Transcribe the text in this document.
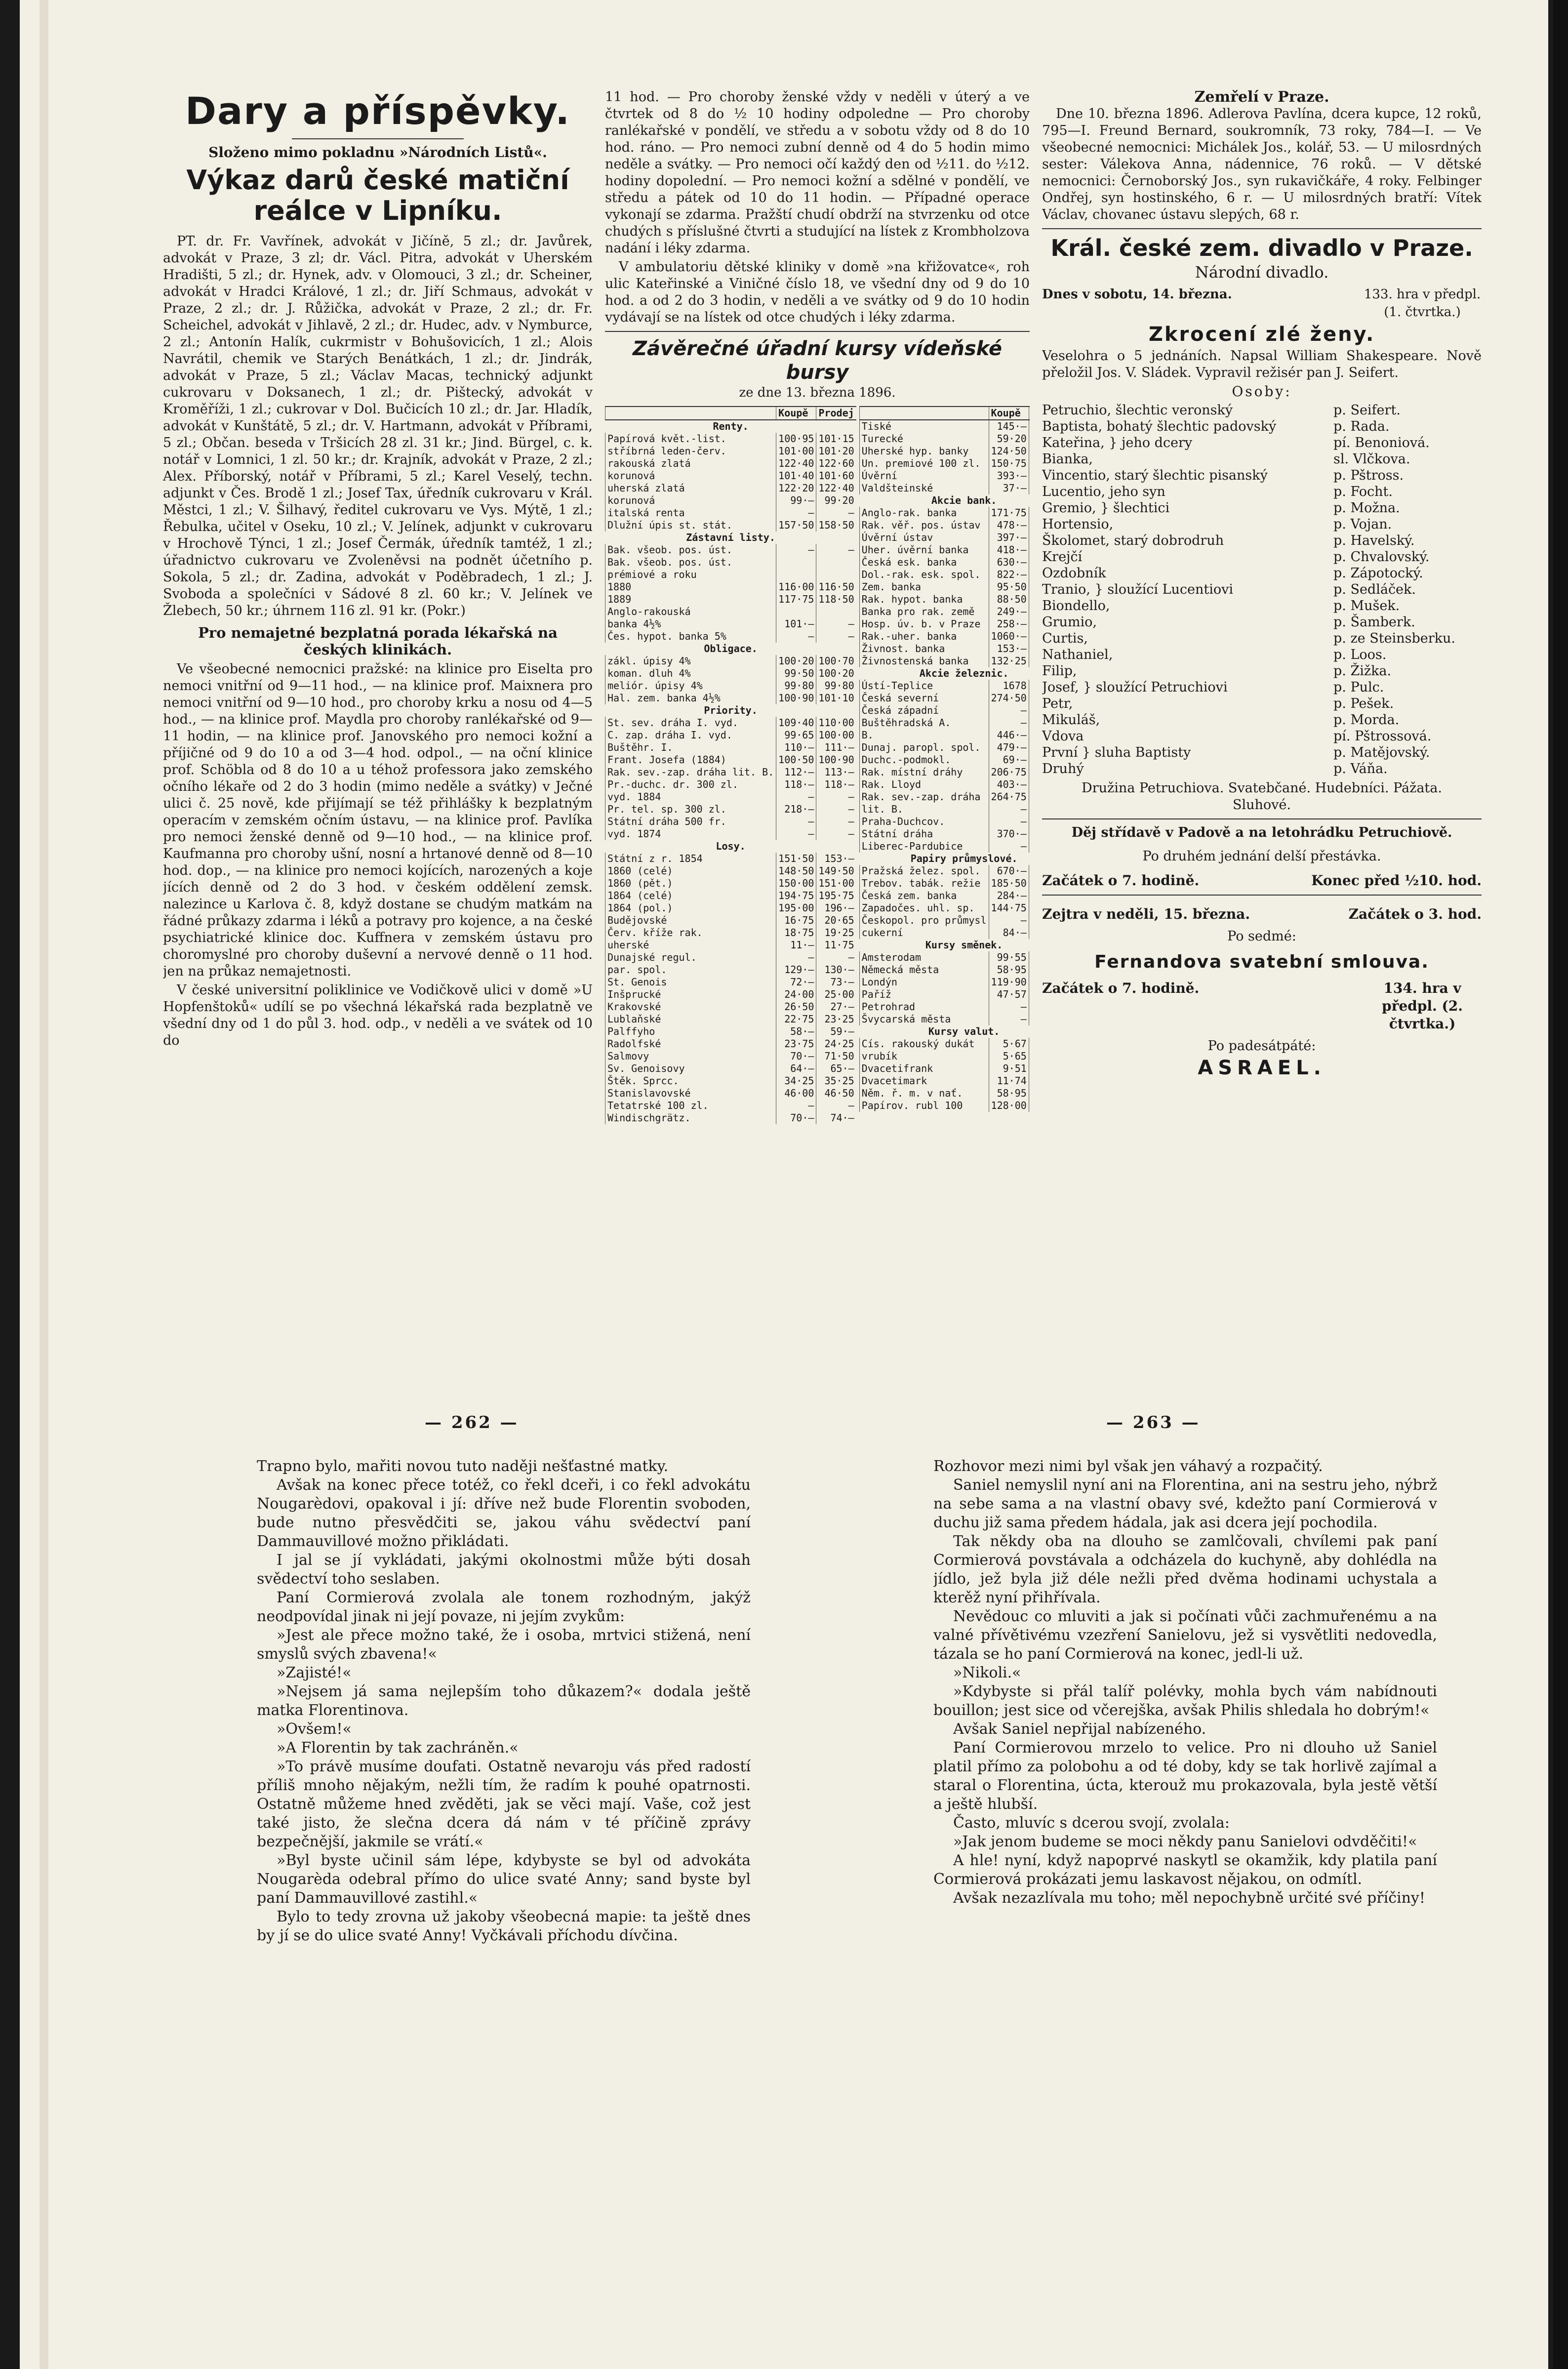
Dary a příspěvky.
Složeno mimo pokladnu »Národních Listů«.
Výkaz darů české matiční reálce v Lipníku.

PT. dr. Fr. Vavřínek, advokát v Jičíně, 5 zl.; dr. Javůrek, advokát v Praze, 3 zl; dr. Václ. Pitra, advokát v Uherském Hradišti, 5 zl.; dr. Hynek, adv. v Olomouci, 3 zl.; dr. Scheiner, advokát v Hradci Králové, 1 zl.; dr. Jiří Schmaus, advokát v Praze, 2 zl.; dr. J. Růžička, advokát v Praze, 2 zl.; dr. Fr. Scheichel, advokát v Jihlavě, 2 zl.; dr. Hudec, adv. v Nymburce, 2 zl.; Antonín Halík, cukrmistr v Bohušovicích, 1 zl.; Alois Navrátil, chemik ve Starých Benátkách, 1 zl.; dr. Jindrák, advokát v Praze, 5 zl.; Václav Macas, technický adjunkt cukrovaru v Doksanech, 1 zl.; dr. Pištecký, advokát v Kroměříži, 1 zl.; cukrovar v Dol. Bučicích 10 zl.; dr. Jar. Hladík, advokát v Kunštátě, 5 zl.; dr. V. Hartmann, advokát v Příbrami, 5 zl.; Občan. beseda v Tršicích 28 zl. 31 kr.; Jind. Bürgel, c. k. notář v Lomnici, 1 zl. 50 kr.; dr. Krajník, advokát v Praze, 2 zl.; Alex. Příborský, notář v Příbrami, 5 zl.; Karel Veselý, techn. adjunkt v Čes. Brodě 1 zl.; Josef Tax, úředník cukrovaru v Král. Městci, 1 zl.; V. Šilhavý, ředitel cukrovaru ve Vys. Mýtě, 1 zl.; Řebulka, učitel v Oseku, 10 zl.; V. Jelínek, adjunkt v cukrovaru v Hrochově Týnci, 1 zl.; Josef Čermák, úředník tamtéž, 1 zl.; úřadnictvo cukrovaru ve Zvoleněvsi na podnět účetního p. Sokola, 5 zl.; dr. Zadina, advokát v Poděbradech, 1 zl.; J. Svoboda a společníci v Sádové 8 zl. 60 kr.; V. Jelínek ve Žlebech, 50 kr.; úhrnem 116 zl. 91 kr. (Pokr.)

Pro nemajetné bezplatná porada lékařská na českých klinikách.

Ve všeobecné nemocnici pražské: na klinice pro Eiselta pro nemoci vnitřní od 9—11 hod., — na klinice prof. Maixnera pro nemoci vnitřní od 9—10 hod., pro choroby krku a nosu od 4—5 hod., — na klinice prof. Maydla pro choroby ranlékařské od 9—11 hodin, — na klinice prof. Janovského pro nemoci kožní a příjičné od 9 do 10 a od 3—4 hod. odpol., — na oční klinice prof. Schöbla od 8 do 10 a u téhož professora jako zemského očního lékaře od 2 do 3 hodin (mimo neděle a svátky) v Ječné ulici č. 25 nově, kde přijímají se též přihlášky k bezplatným operacím v zemském očním ústavu, — na klinice prof. Pavlíka pro nemoci ženské denně od 9—10 hod., — na klinice prof. Kaufmanna pro choroby ušní, nosní a hrtanové denně od 8—10 hod. dop., — na klinice pro nemoci kojících, narozených a koje jících denně od 2 do 3 hod. v českém oddělení zemsk. nalezince u Karlova č. 8, když dostane se chudým matkám na řádné průkazy zdarma i léků a potravy pro kojence, a na české psychiatrické klinice doc. Kuffnera v zemském ústavu pro choromyslné pro choroby duševní a nervové denně o 11 hod. jen na průkaz nemajetnosti.

V české universitní poliklinice ve Vodičkově ulici v domě »U Hopfenštoků« udílí se po všechná lékařská rada bezplatně ve všední dny od 1 do půl 3. hod. odp., v neděli a ve svátek od 10 do

11 hod. — Pro choroby ženské vždy v neděli v úterý a ve čtvrtek od 8 do ½ 10 hodiny odpoledne — Pro choroby ranlékařské v pondělí, ve středu a v sobotu vždy od 8 do 10 hod. ráno. — Pro nemoci zubní denně od 4 do 5 hodin mimo neděle a svátky. — Pro nemoci očí každý den od ½11. do ½12. hodiny dopolední. — Pro nemoci kožní a sdělné v pondělí, ve středu a pátek od 10 do 11 hodin. — Případné operace vykonají se zdarma. Pražští chudí obdrží na stvrzenku od otce chudých s příslušné čtvrti a studující na lístek z Krombholzova nadání i léky zdarma.

V ambulatoriu dětské kliniky v domě »na křižovatce«, roh ulic Kateřinské a Viničné číslo 18, ve všední dny od 9 do 10 hod. a od 2 do 3 hodin, v neděli a ve svátky od 9 do 10 hodin vydávají se na lístek od otce chudých i léky zdarma.

Závěrečné úřadní kursy vídeňské bursy
ze dne 13. března 1896.
	Koupě	Prodej
Renty.		
Papírová květ.-list.	100·95	101·15
stříbrná leden-červ.	101·00	101·20
rakouská zlatá	122·40	122·60
korunová	101·40	101·60
uherská zlatá	122·20	122·40
korunová	99·—	99·20
italská renta	—	—
Dlužní úpis st. stát.	157·50	158·50
Zástavní listy.		
Bak. všeob. pos. úst.	—	—
Bak. všeob. pos. úst.		
prémiové a roku		
1880	116·00	116·50
1889	117·75	118·50
Anglo-rakouská		
banka 4½%	101·—	—
Čes. hypot. banka 5%	—	—
Obligace.		
zákl. úpisy 4%	100·20	100·70
koman. dluh 4%	99·50	100·20
meliór. úpisy 4%	99·80	99·80
Hal. zem. banka 4½%	100·90	101·10
Priority.		
St. sev. dráha I. vyd.	109·40	110·00
C. zap. dráha I. vyd.	99·65	100·00
Buštěhr. I.	110·—	111·—
Frant. Josefa (1884)	100·50	100·90
Rak. sev.-zap. dráha lit. B.	112·—	113·—
Pr.-duchc. dr. 300 zl.	118·—	118·—
vyd. 1884	—	—
Pr. tel. sp. 300 zl.	218·—	—
Státní dráha 500 fr.	—	—
vyd. 1874	—	—
Losy.		
Státní z r. 1854	151·50	153·—
1860 (celé)	148·50	149·50
1860 (pět.)	150·00	151·00
1864 (celé)	194·75	195·75
1864 (pol.)	195·00	196·—
Budějovské	16·75	20·65
Červ. kříže rak.	18·75	19·25
uherské	11·—	11·75
Dunajské regul.	—	—
par. spol.	129·—	130·—
St. Genois	72·—	73·—
Inšprucké	24·00	25·00
Krakovské	26·50	27·—
Lublaňské	22·75	23·25
Palffyho	58·—	59·—
Radolfské	23·75	24·25
Salmovy	70·—	71·50
Sv. Genoisovy	64·—	65·—
Štěk. Sprcc.	34·25	35·25
Stanislavovské	46·00	46·50
Tetatrské 100 zl.	—	—
Windischgrätz.	70·—	74·—
	Koupě	
Tiské	145·—	
Turecké	59·20	
Uherské hyp. banky	124·50	
Un. premiové 100 zl.	150·75	
Úvěrní	393·—	
Valdšteinské	37·—	
Akcie bank.		
Anglo-rak. banka	171·75	
Rak. věř. pos. ústav	478·—	
Úvěrní ústav	397·—	
Uher. úvěrní banka	418·—	
Česká esk. banka	630·—	
Dol.-rak. esk. spol.	822·—	
Zem. banka	95·50	
Rak. hypot. banka	88·50	
Banka pro rak. země	249·—	
Hosp. úv. b. v Praze	258·—	
Rak.-uher. banka	1060·—	
Živnost. banka	153·—	
Živnostenská banka	132·25	
Akcie železnic.		
Ústí-Teplice	1678	
Česká severní	274·50	
Česká západní	—	
Buštěhradská A.	—	
B.	446·—	
Dunaj. paropl. spol.	479·—	
Duchc.-podmokl.	69·—	
Rak. místní dráhy	206·75	
Rak. Lloyd	403·—	
Rak. sev.-zap. dráha	264·75	
lit. B.	—	
Praha-Duchcov.	—	
Státní dráha	370·—	
Liberec-Pardubice	—	
Papiry průmyslové.		
Pražská želez. spol.	670·—	
Trebov. tabák. režie	185·50	
Česká zem. banka	284·—	
Zapadočes. uhl. sp.	144·75	
Českopol. pro průmysl	—	
cukerní	84·—	
Kursy směnek.		
Amsterodam	99·55	
Německá města	58·95	
Londýn	119·90	
Paříž	47·57	
Petrohrad	—	
Švycarská města	—	
Kursy valut.		
Cís. rakouský dukát	5·67	
vrubík	5·65	
Dvacetifrank	9·51	
Dvacetimark	11·74	
Něm. ř. m. v nať.	58·95	
Papírov. rubl 100	128·00	
Zemřelí v Praze.

Dne 10. března 1896. Adlerova Pavlína, dcera kupce, 12 roků, 795—I. Freund Bernard, soukromník, 73 roky, 784—I. — Ve všeobecné nemocnici: Michálek Jos., kolář, 53. — U milosrdných sester: Válekova Anna, nádennice, 76 roků. — V dětské nemocnici: Černoborský Jos., syn rukavičkáře, 4 roky. Felbinger Ondřej, syn hostinského, 6 r. — U milosrdných bratří: Vítek Václav, chovanec ústavu slepých, 68 r.

Král. české zem. divadlo v Praze.
Národní divadlo.
Dnes v sobotu, 14. března.	133. hra v předpl. (1. čtvrtka.)
Zkrocení zlé ženy.

Veselohra o 5 jednáních. Napsal William Shakespeare. Nově přeložil Jos. V. Sládek. Vypravil režisér pan J. Seifert.

Osoby:
Petruchio, šlechtic veronský	p. Seifert.
Baptista, bohatý šlechtic padovský	p. Rada.
Kateřina, } jeho dcery	pí. Benoniová.
Bianka,	sl. Vlčkova.
Vincentio, starý šlechtic pisanský	p. Pštross.
Lucentio, jeho syn	p. Focht.
Gremio, } šlechtici	p. Možna.
Hortensio,	p. Vojan.
Školomet, starý dobrodruh	p. Havelský.
Krejčí	p. Chvalovský.
Ozdobník	p. Zápotocký.
Tranio, } sloužící Lucentiovi	p. Sedláček.
Biondello,	p. Mušek.
Grumio,	p. Šamberk.
Curtis,	p. ze Steinsberku.
Nathaniel,	p. Loos.
Filip,	p. Žižka.
Josef, } sloužící Petruchiovi	p. Pulc.
Petr,	p. Pešek.
Mikuláš,	p. Morda.
Vdova	pí. Pštrossová.
První } sluha Baptisty	p. Matějovský.
Druhý	p. Váňa.
Družina Petruchiova. Svatebčané. Hudebníci. Pážata. Sluhové.
Děj střídavě v Padově a na letohrádku Petruchiově.
Po druhém jednání delší přestávka.
Začátek o 7. hodině.	Konec před ½10. hod.
Zejtra v neděli, 15. března.	Začátek o 3. hod.
Po sedmé:
Fernandova svatební smlouva.
Začátek o 7. hodině.	134. hra v předpl. (2. čtvrtka.)
Po padesátpáté:
ASRAEL.
— 262 —	— 263 —

Trapno bylo, mařiti novou tuto naději nešťastné matky.

Avšak na konec přece totéž, co řekl dceři, i co řekl advokátu Nougarèdovi, opakoval i jí: dříve než bude Florentin svoboden, bude nutno přesvědčiti se, jakou váhu svědectví paní Dammauvillové možno přikládati.

I jal se jí vykládati, jakými okolnostmi může býti dosah svědectví toho seslaben.

Paní Cormierová zvolala ale tonem rozhodným, jakýž neodpovídal jinak ni její povaze, ni jejím zvykům:

»Jest ale přece možno také, že i osoba, mrtvici stižená, není smyslů svých zbavena!«

»Zajisté!«

»Nejsem já sama nejlepším toho důkazem?« dodala ještě matka Florentinova.

»Ovšem!«

»A Florentin by tak zachráněn.«

»To právě musíme doufati. Ostatně nevaroju vás před radostí příliš mnoho nějakým, nežli tím, že radím k pouhé opatrnosti. Ostatně můžeme hned zvěděti, jak se věci mají. Vaše, což jest také jisto, že slečna dcera dá nám v té příčině zprávy bezpečnější, jakmile se vrátí.«

»Byl byste učinil sám lépe, kdybyste se byl od advokáta Nougarèda odebral přímo do ulice svaté Anny; sand byste byl paní Dammauvillové zastihl.«

Bylo to tedy zrovna už jakoby všeobecná mapie: ta ještě dnes by jí se do ulice svaté Anny! Vyčkávali příchodu dívčina.

Rozhovor mezi nimi byl však jen váhavý a rozpačitý.

Saniel nemyslil nyní ani na Florentina, ani na sestru jeho, nýbrž na sebe sama a na vlastní obavy své, kdežto paní Cormierová v duchu již sama předem hádala, jak asi dcera její pochodila.

Tak někdy oba na dlouho se zamlčovali, chvílemi pak paní Cormierová povstávala a odcházela do kuchyně, aby dohlédla na jídlo, jež byla již déle nežli před dvěma hodinami uchystala a kterěž nyní přihřívala.

Nevědouc co mluviti a jak si počínati vůči zachmuřenému a na valné přívětivému vzezření Sanielovu, jež si vysvětliti nedovedla, tázala se ho paní Cormierová na konec, jedl-li už.

»Nikoli.«

»Kdybyste si přál talíř polévky, mohla bych vám nabídnouti bouillon; jest sice od včerejška, avšak Philis shledala ho dobrým!«

Avšak Saniel nepřijal nabízeného.

Paní Cormierovou mrzelo to velice. Pro ni dlouho už Saniel platil přímo za polobohu a od té doby, kdy se tak horlivě zajímal a staral o Florentina, úcta, kterouž mu prokazovala, byla jestě větší a ještě hlubší.

Často, mluvíc s dcerou svojí, zvolala:

»Jak jenom budeme se moci někdy panu Sanielovi odvděčiti!«

A hle! nyní, když napoprvé naskytl se okamžik, kdy platila paní Cormierová prokázati jemu laskavost nějakou, on odmítl.

Avšak nezazlívala mu toho; měl nepochybně určité své příčiny!
